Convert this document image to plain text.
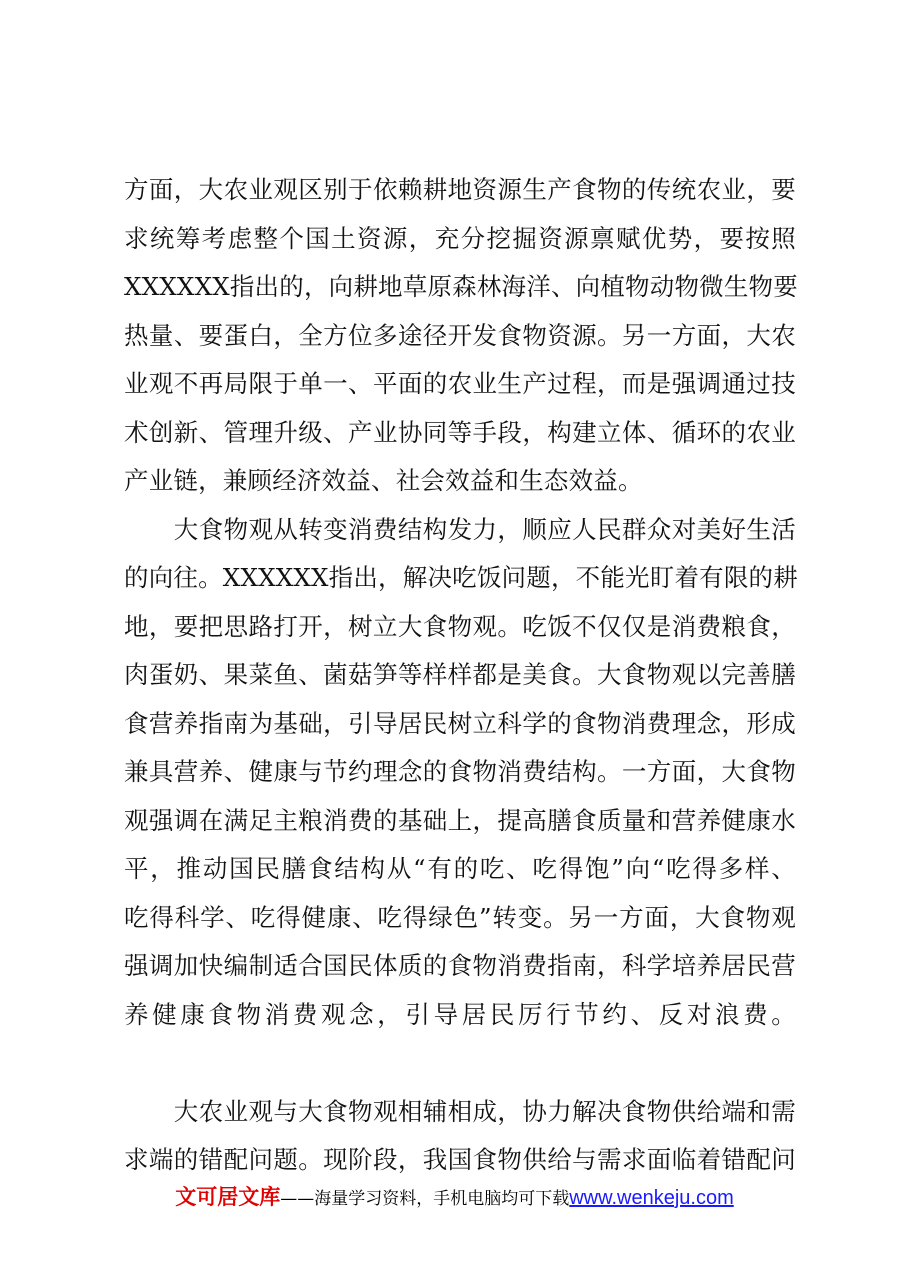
方面，大农业观区别于依赖耕地资源生产食物的传统农业，要
求统筹考虑整个国土资源，充分挖掘资源禀赋优势，要按照
XXXXXX指出的，向耕地草原森林海洋、向植物动物微生物要
热量、要蛋白，全方位多途径开发食物资源。另一方面，大农
业观不再局限于单一、平面的农业生产过程，而是强调通过技
术创新、管理升级、产业协同等手段，构建立体、循环的农业
产业链，兼顾经济效益、社会效益和生态效益。
　　大食物观从转变消费结构发力，顺应人民群众对美好生活
的向往。XXXXXX指出，解决吃饭问题，不能光盯着有限的耕
地，要把思路打开，树立大食物观。吃饭不仅仅是消费粮食，
肉蛋奶、果菜鱼、菌菇笋等样样都是美食。大食物观以完善膳
食营养指南为基础，引导居民树立科学的食物消费理念，形成
兼具营养、健康与节约理念的食物消费结构。一方面，大食物
观强调在满足主粮消费的基础上，提高膳食质量和营养健康水
平，推动国民膳食结构从“有的吃、吃得饱”向“吃得多样、
吃得科学、吃得健康、吃得绿色”转变。另一方面，大食物观
强调加快编制适合国民体质的食物消费指南，科学培养居民营
养健康食物消费观念，引导居民厉行节约、反对浪费。
　　大农业观与大食物观相辅相成，协力解决食物供给端和需
求端的错配问题。现阶段，我国食物供给与需求面临着错配问
文可居文库——海量学习资料，手机电脑均可下载www.wenkeju.com
